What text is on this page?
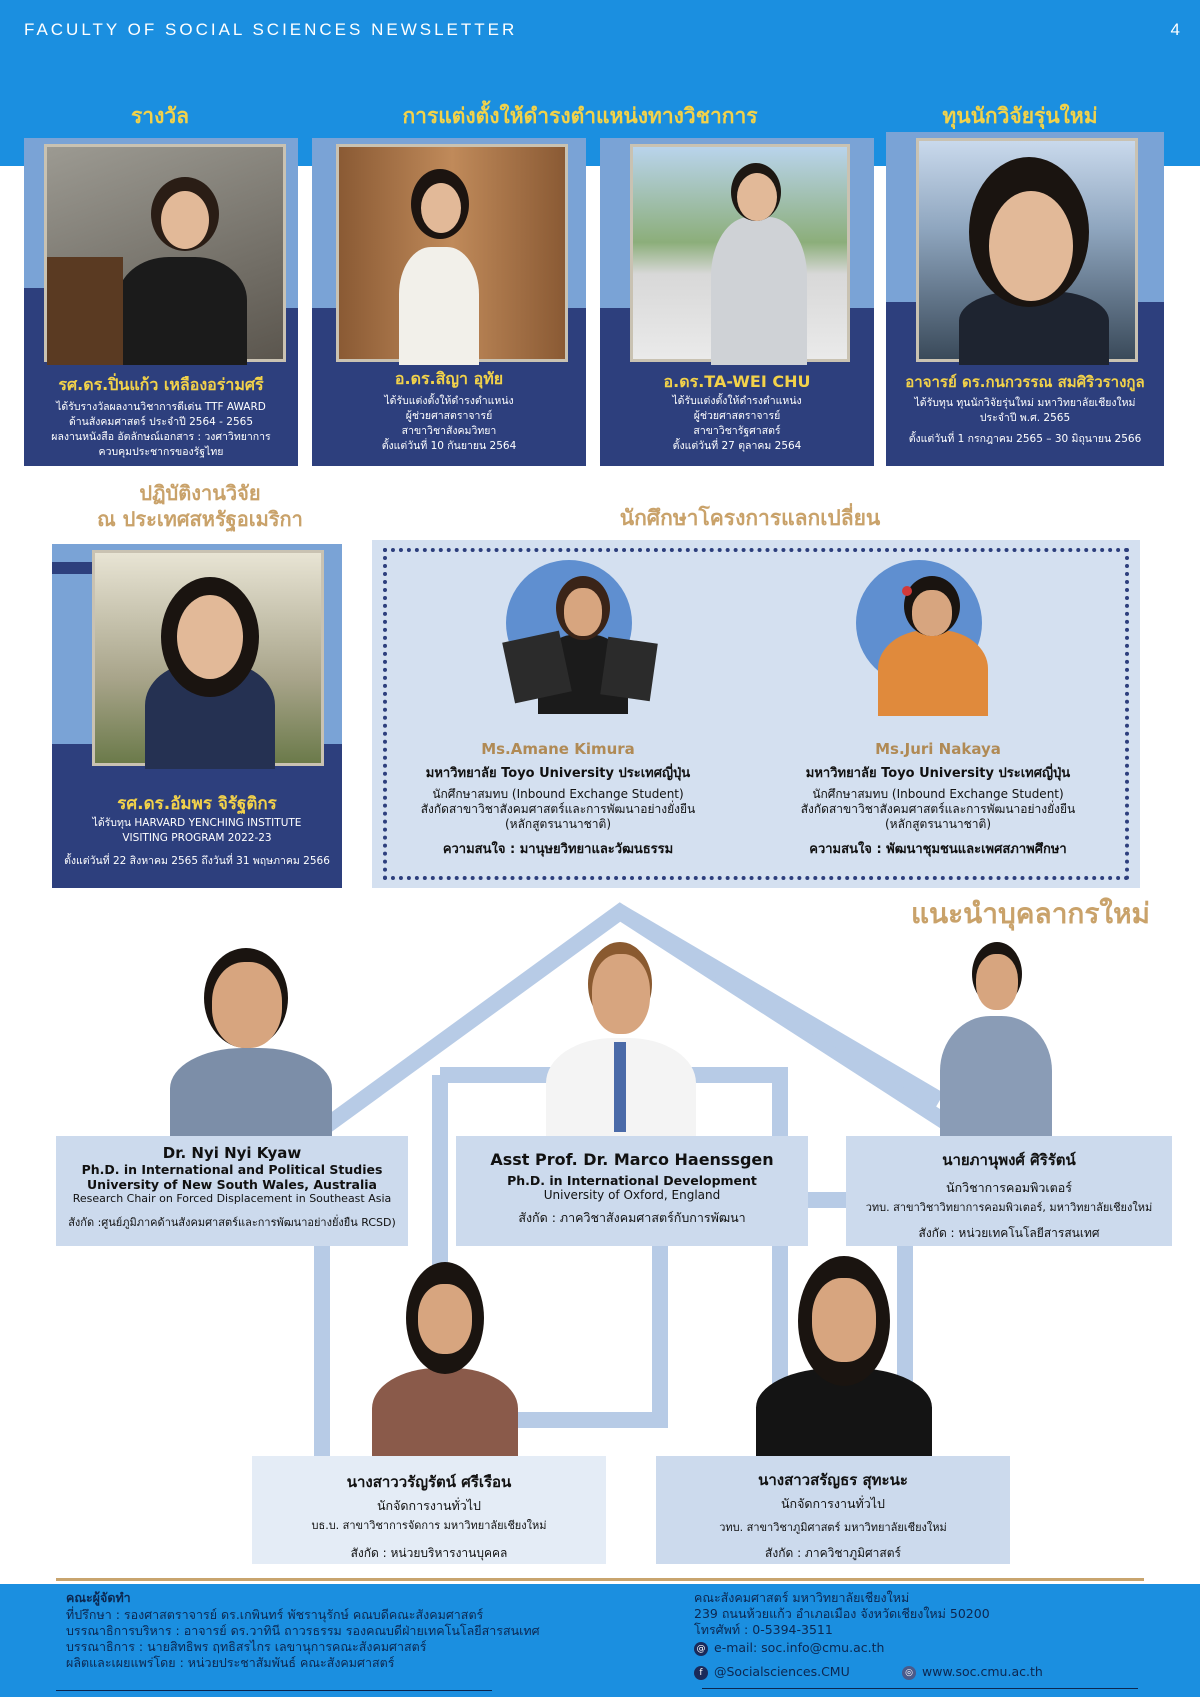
FACULTY OF SOCIAL SCIENCES NEWSLETTER	4
รางวัล	การแต่งตั้งให้ดำรงตำแหน่งทางวิชาการ	ทุนนักวิจัยรุ่นใหม่
รศ.ดร.ปิ่นแก้ว เหลืองอร่ามศรี
ได้รับรางวัลผลงานวิชาการดีเด่น TTF AWARD
ด้านสังคมศาสตร์ ประจำปี 2564 - 2565
ผลงานหนังสือ อัตลักษณ์เอกสาร : วงศาวิทยาการ
ควบคุมประชากรของรัฐไทย
อ.ดร.สิญา อุทัย
ได้รับแต่งตั้งให้ดำรงตำแหน่ง
ผู้ช่วยศาสตราจารย์
สาขาวิชาสังคมวิทยา
ตั้งแต่วันที่ 10 กันยายน 2564
อ.ดร.TA-WEI CHU
ได้รับแต่งตั้งให้ดำรงตำแหน่ง
ผู้ช่วยศาสตราจารย์
สาขาวิชารัฐศาสตร์
ตั้งแต่วันที่ 27 ตุลาคม 2564
อาจารย์ ดร.กนกวรรณ สมศิริวรางกูล
ได้รับทุน ทุนนักวิจัยรุ่นใหม่ มหาวิทยาลัยเชียงใหม่
ประจำปี พ.ศ. 2565
ตั้งแต่วันที่ 1 กรกฎาคม 2565 – 30 มิถุนายน 2566
ปฏิบัติงานวิจัย
ณ ประเทศสหรัฐอเมริกา	นักศึกษาโครงการแลกเปลี่ยน
รศ.ดร.อัมพร จิรัฐติกร
ได้รับทุน HARVARD YENCHING INSTITUTE
VISITING PROGRAM 2022-23
ตั้งแต่วันที่ 22 สิงหาคม 2565 ถึงวันที่ 31 พฤษภาคม 2566
Ms.Amane Kimura
มหาวิทยาลัย Toyo University ประเทศญี่ปุ่น
นักศึกษาสมทบ (Inbound Exchange Student)
สังกัดสาขาวิชาสังคมศาสตร์และการพัฒนาอย่างยั่งยืน
(หลักสูตรนานาชาติ)
ความสนใจ : มานุษยวิทยาและวัฒนธรรม
Ms.Juri Nakaya
มหาวิทยาลัย Toyo University ประเทศญี่ปุ่น
นักศึกษาสมทบ (Inbound Exchange Student)
สังกัดสาขาวิชาสังคมศาสตร์และการพัฒนาอย่างยั่งยืน
(หลักสูตรนานาชาติ)
ความสนใจ : พัฒนาชุมชนและเพศสภาพศึกษา
แนะนำบุคลากรใหม่
Dr. Nyi Nyi Kyaw
Ph.D. in International and Political Studies
University of New South Wales, Australia
Research Chair on Forced Displacement in Southeast Asia
สังกัด :ศูนย์ภูมิภาคด้านสังคมศาสตร์และการพัฒนาอย่างยั่งยืน RCSD)
Asst Prof. Dr. Marco Haenssgen
Ph.D. in International Development
University of Oxford, England
สังกัด : ภาควิชาสังคมศาสตร์กับการพัฒนา
นายภานุพงศ์ ศิริรัตน์
นักวิชาการคอมพิวเตอร์
วทบ. สาขาวิชาวิทยาการคอมพิวเตอร์, มหาวิทยาลัยเชียงใหม่
สังกัด : หน่วยเทคโนโลยีสารสนเทศ
นางสาววรัญรัตน์ ศรีเรือน
นักจัดการงานทั่วไป
บธ.บ. สาขาวิชาการจัดการ มหาวิทยาลัยเชียงใหม่
สังกัด : หน่วยบริหารงานบุคคล
นางสาวสรัญธร สุทะนะ
นักจัดการงานทั่วไป
วทบ. สาขาวิชาภูมิศาสตร์ มหาวิทยาลัยเชียงใหม่
สังกัด : ภาควิชาภูมิศาสตร์
คณะผู้จัดทำ
ที่ปรึกษา : รองศาสตราจารย์ ดร.เกพินทร์ พัชรานุรักษ์ คณบดีคณะสังคมศาสตร์
บรรณาธิการบริหาร : อาจารย์ ดร.วาทินี ถาวรธรรม รองคณบดีฝ่ายเทคโนโลยีสารสนเทศ
บรรณาธิการ : นายสิทธิพร ฤทธิสรไกร เลขานุการคณะสังคมศาสตร์
ผลิตและเผยแพร่โดย : หน่วยประชาสัมพันธ์ คณะสังคมศาสตร์
คณะสังคมศาสตร์ มหาวิทยาลัยเชียงใหม่
239 ถนนห้วยแก้ว อำเภอเมือง จังหวัดเชียงใหม่ 50200
โทรศัพท์ : 0-5394-3511
@ e-mail: soc.info@cmu.ac.th
f @Socialsciences.CMU	◎ www.soc.cmu.ac.th
